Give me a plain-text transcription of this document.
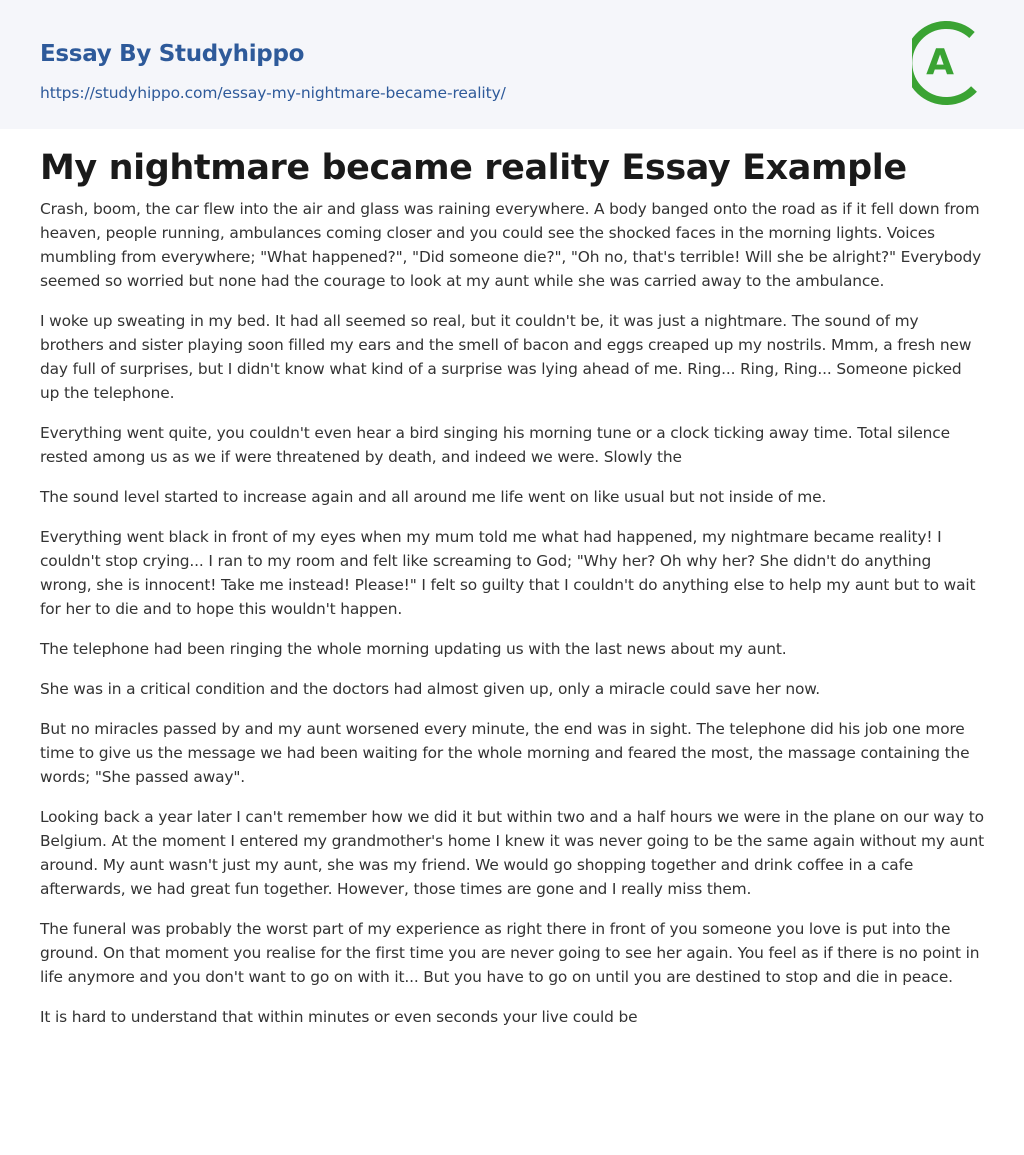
Essay By Studyhippo
https://studyhippo.com/essay-my-nightmare-became-reality/
A
My nightmare became reality Essay Example

Crash, boom, the car flew into the air and glass was raining everywhere. A body banged onto the road as if it fell down from heaven, people running, ambulances coming closer and you could see the shocked faces in the morning lights. Voices mumbling from everywhere; "What happened?", "Did someone die?", "Oh no, that's terrible! Will she be alright?" Everybody seemed so worried but none had the courage to look at my aunt while she was carried away to the ambulance.

I woke up sweating in my bed. It had all seemed so real, but it couldn't be, it was just a nightmare. The sound of my brothers and sister playing soon filled my ears and the smell of bacon and eggs creaped up my nostrils. Mmm, a fresh new day full of surprises, but I didn't know what kind of a surprise was lying ahead of me. Ring... Ring, Ring... Someone picked up the telephone.

Everything went quite, you couldn't even hear a bird singing his morning tune or a clock ticking away time. Total silence rested among us as we if were threatened by death, and indeed we were. Slowly the

The sound level started to increase again and all around me life went on like usual but not inside of me.

Everything went black in front of my eyes when my mum told me what had happened, my nightmare became reality! I couldn't stop crying... I ran to my room and felt like screaming to God; "Why her? Oh why her? She didn't do anything wrong, she is innocent! Take me instead! Please!" I felt so guilty that I couldn't do anything else to help my aunt but to wait for her to die and to hope this wouldn't happen.

The telephone had been ringing the whole morning updating us with the last news about my aunt.

She was in a critical condition and the doctors had almost given up, only a miracle could save her now.

But no miracles passed by and my aunt worsened every minute, the end was in sight. The telephone did his job one more time to give us the message we had been waiting for the whole morning and feared the most, the massage containing the words; "She passed away".

Looking back a year later I can't remember how we did it but within two and a half hours we were in the plane on our way to Belgium. At the moment I entered my grandmother's home I knew it was never going to be the same again without my aunt around. My aunt wasn't just my aunt, she was my friend. We would go shopping together and drink coffee in a cafe afterwards, we had great fun together. However, those times are gone and I really miss them.

The funeral was probably the worst part of my experience as right there in front of you someone you love is put into the ground. On that moment you realise for the first time you are never going to see her again. You feel as if there is no point in life anymore and you don't want to go on with it... But you have to go on until you are destined to stop and die in peace.

It is hard to understand that within minutes or even seconds your live could be
